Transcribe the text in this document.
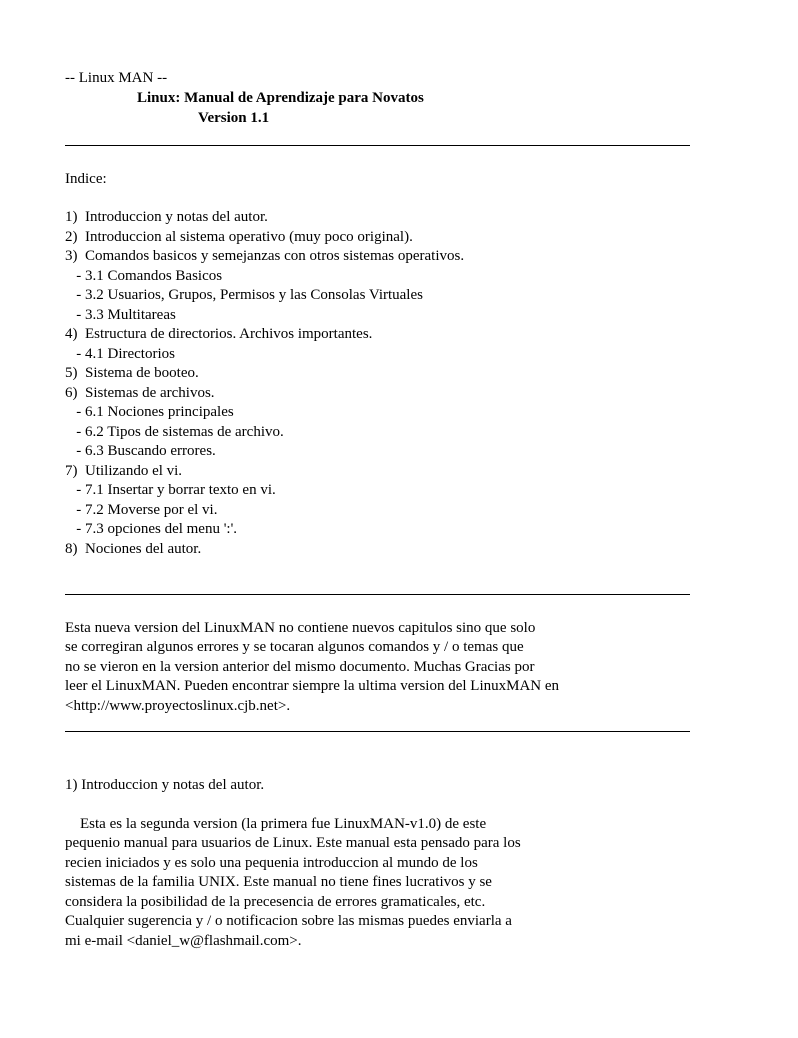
-- Linux MAN --
Linux: Manual de Aprendizaje para Novatos
Version 1.1
Indice:
1)  Introduccion y notas del autor.
2)  Introduccion al sistema operativo (muy poco original).
3)  Comandos basicos y semejanzas con otros sistemas operativos.
- 3.1 Comandos Basicos
- 3.2 Usuarios, Grupos, Permisos y las Consolas Virtuales
- 3.3 Multitareas
4)  Estructura de directorios. Archivos importantes.
- 4.1 Directorios
5)  Sistema de booteo.
6)  Sistemas de archivos.
- 6.1 Nociones principales
- 6.2 Tipos de sistemas de archivo.
- 6.3 Buscando errores.
7)  Utilizando el vi.
- 7.1 Insertar y borrar texto en vi.
- 7.2 Moverse por el vi.
- 7.3 opciones del menu ':'.
8)  Nociones del autor.
Esta nueva version del LinuxMAN no contiene nuevos capitulos sino que solo
se corregiran algunos errores y se tocaran algunos comandos y / o temas que
no se vieron en la version anterior del mismo documento. Muchas Gracias por
leer el LinuxMAN. Pueden encontrar siempre la ultima version del LinuxMAN en
<http://www.proyectoslinux.cjb.net>.
1) Introduccion y notas del autor.
Esta es la segunda version (la primera fue LinuxMAN-v1.0) de este
pequenio manual para usuarios de Linux. Este manual esta pensado para los
recien iniciados y es solo una pequenia introduccion al mundo de los
sistemas de la familia UNIX. Este manual no tiene fines lucrativos y se
considera la posibilidad de la precesencia de errores gramaticales, etc.
Cualquier sugerencia y / o notificacion sobre las mismas puedes enviarla a
mi e-mail <daniel_w@flashmail.com>.
